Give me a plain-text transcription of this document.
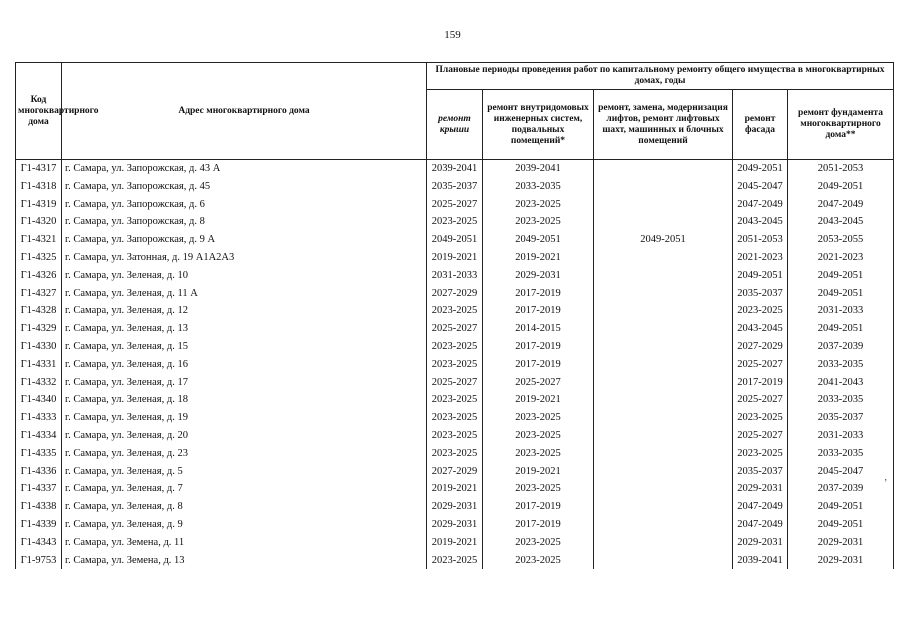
159
Код многоквартирного дома	Адрес многоквартирного дома	Плановые периоды проведения работ по капитальному ремонту общего имущества в многоквартирных домах, годы				
		ремонт крыши	ремонт внутридомовых инженерных систем, подвальных помещений*	ремонт, замена, модернизация лифтов, ремонт лифтовых шахт, машинных и блочных помещений	ремонт фасада	ремонт фундамента многоквартирного дома**
Г1-4317	г. Самара, ул. Запорожская, д. 43 А	2039-2041	2039-2041		2049-2051	2051-2053
Г1-4318	г. Самара, ул. Запорожская, д. 45	2035-2037	2033-2035		2045-2047	2049-2051
Г1-4319	г. Самара, ул. Запорожская, д. 6	2025-2027	2023-2025		2047-2049	2047-2049
Г1-4320	г. Самара, ул. Запорожская, д. 8	2023-2025	2023-2025		2043-2045	2043-2045
Г1-4321	г. Самара, ул. Запорожская, д. 9 А	2049-2051	2049-2051	2049-2051	2051-2053	2053-2055
Г1-4325	г. Самара, ул. Затонная, д. 19 А1А2А3	2019-2021	2019-2021		2021-2023	2021-2023
Г1-4326	г. Самара, ул. Зеленая, д. 10	2031-2033	2029-2031		2049-2051	2049-2051
Г1-4327	г. Самара, ул. Зеленая, д. 11 А	2027-2029	2017-2019		2035-2037	2049-2051
Г1-4328	г. Самара, ул. Зеленая, д. 12	2023-2025	2017-2019		2023-2025	2031-2033
Г1-4329	г. Самара, ул. Зеленая, д. 13	2025-2027	2014-2015		2043-2045	2049-2051
Г1-4330	г. Самара, ул. Зеленая, д. 15	2023-2025	2017-2019		2027-2029	2037-2039
Г1-4331	г. Самара, ул. Зеленая, д. 16	2023-2025	2017-2019		2025-2027	2033-2035
Г1-4332	г. Самара, ул. Зеленая, д. 17	2025-2027	2025-2027		2017-2019	2041-2043
Г1-4340	г. Самара, ул. Зеленая, д. 18	2023-2025	2019-2021		2025-2027	2033-2035
Г1-4333	г. Самара, ул. Зеленая, д. 19	2023-2025	2023-2025		2023-2025	2035-2037
Г1-4334	г. Самара, ул. Зеленая, д. 20	2023-2025	2023-2025		2025-2027	2031-2033
Г1-4335	г. Самара, ул. Зеленая, д. 23	2023-2025	2023-2025		2023-2025	2033-2035
Г1-4336	г. Самара, ул. Зеленая, д. 5	2027-2029	2019-2021		2035-2037	2045-2047
Г1-4337	г. Самара, ул. Зеленая, д. 7	2019-2021	2023-2025		2029-2031	2037-2039
Г1-4338	г. Самара, ул. Зеленая, д. 8	2029-2031	2017-2019		2047-2049	2049-2051
Г1-4339	г. Самара, ул. Зеленая, д. 9	2029-2031	2017-2019		2047-2049	2049-2051
Г1-4343	г. Самара, ул. Земена, д. 11	2019-2021	2023-2025		2029-2031	2029-2031
Г1-9753	г. Самара, ул. Земена, д. 13	2023-2025	2023-2025		2039-2041	2029-2031
ʼ
